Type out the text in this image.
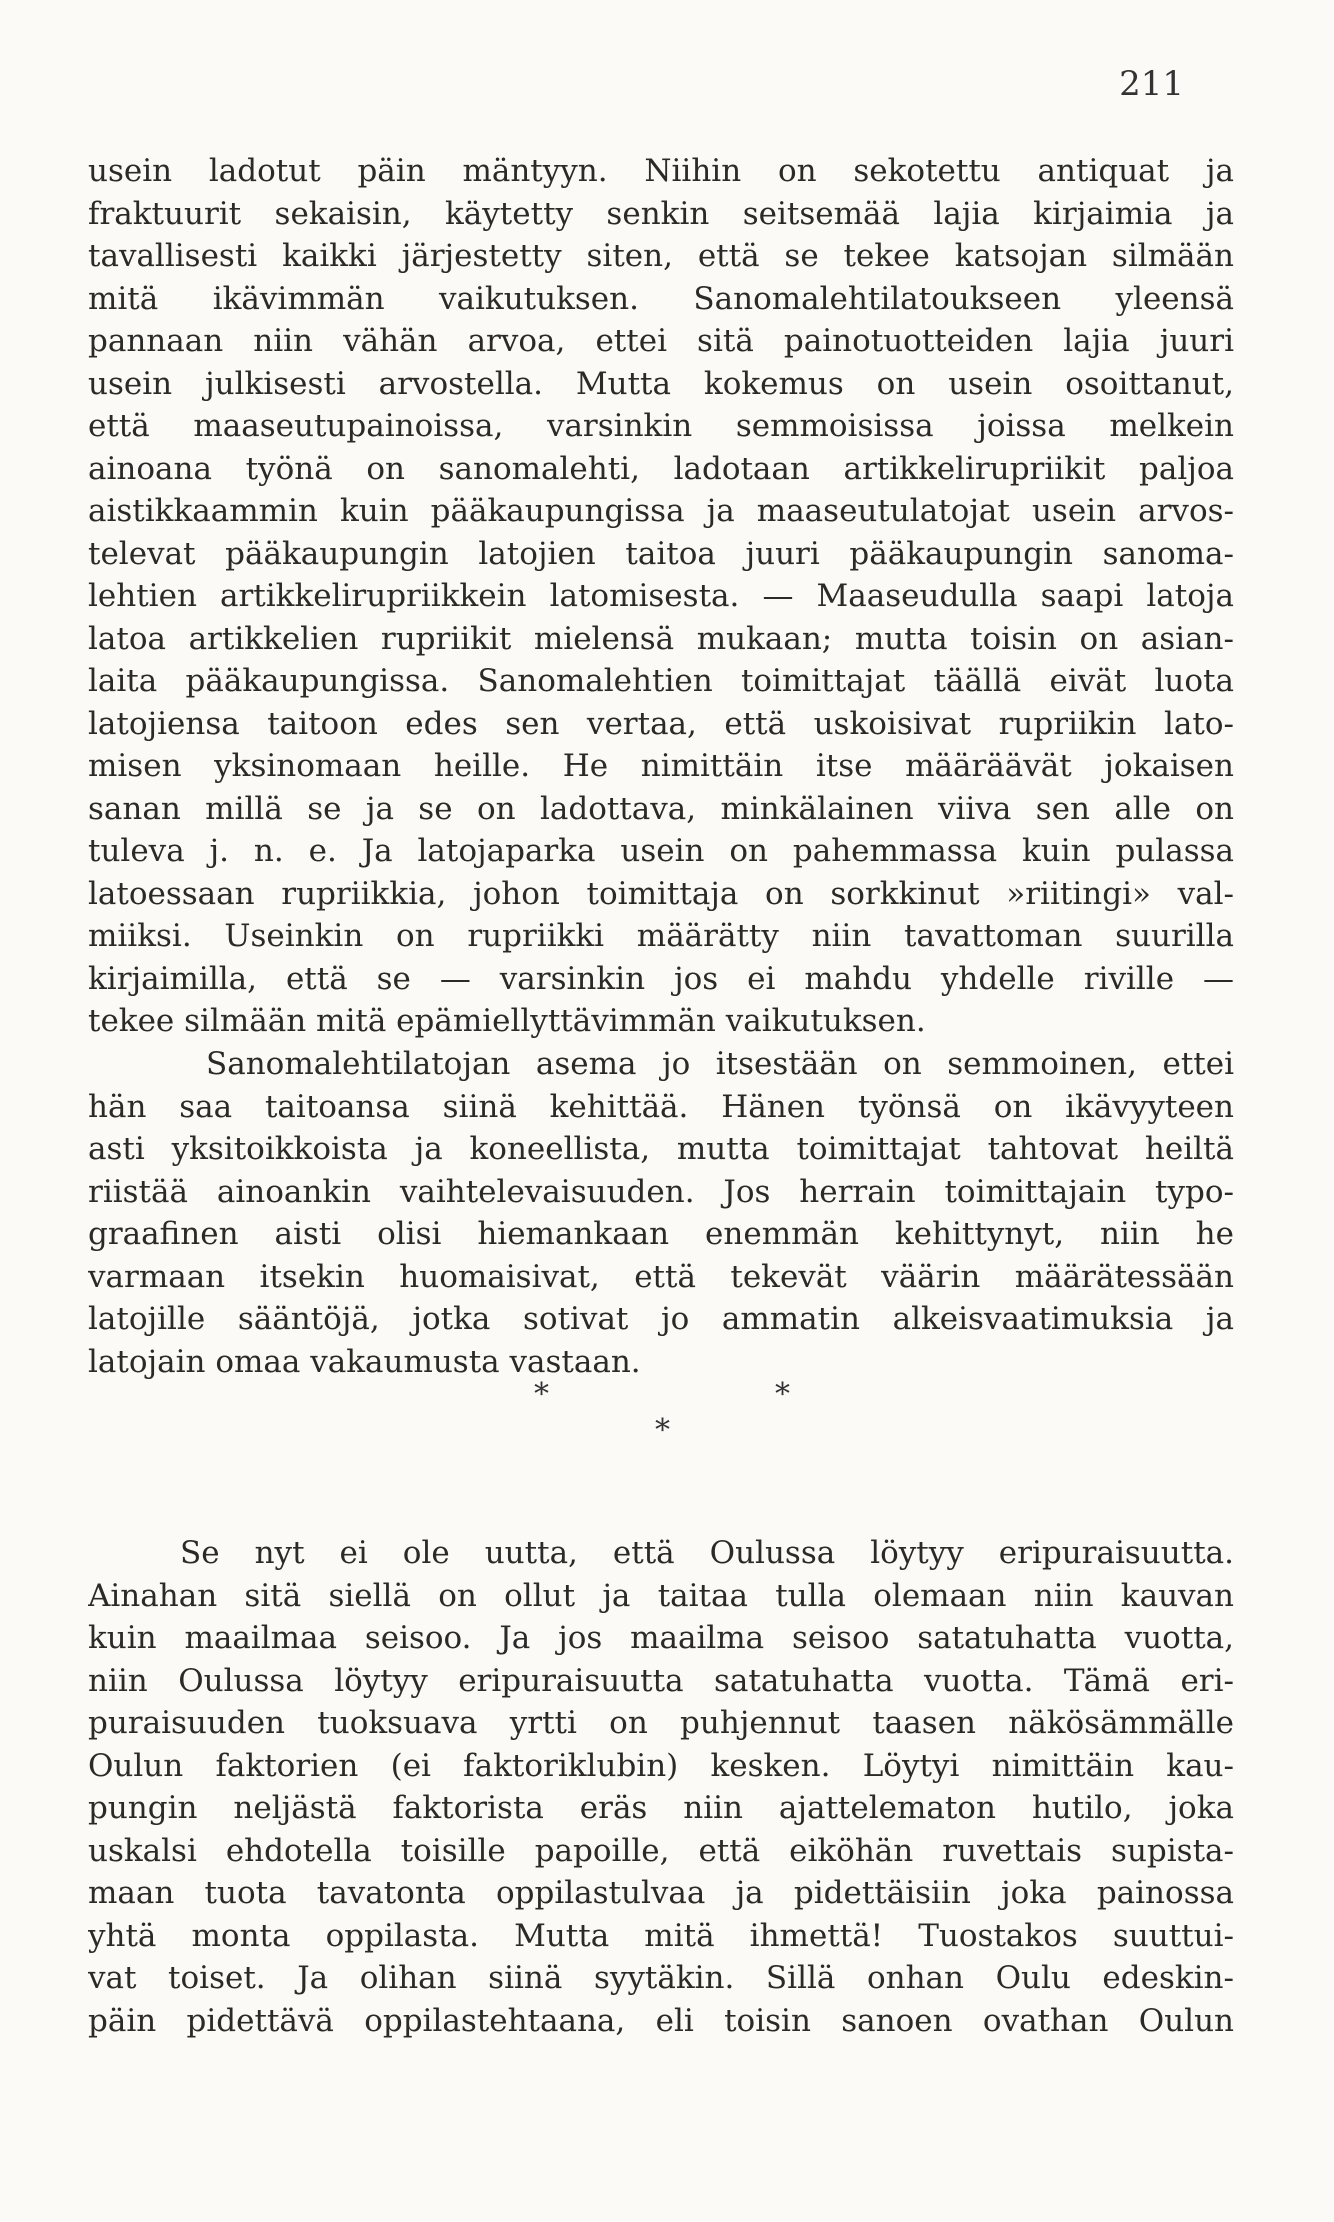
211
usein ladotut päin mäntyyn. Niihin on sekotettu antiquat ja
fraktuurit sekaisin, käytetty senkin seitsemää lajia kirjaimia ja
tavallisesti kaikki järjestetty siten, että se tekee katsojan silmään
mitä ikävimmän vaikutuksen. Sanomalehtilatoukseen yleensä
pannaan niin vähän arvoa, ettei sitä painotuotteiden lajia juuri
usein julkisesti arvostella. Mutta kokemus on usein osoittanut,
että maaseutupainoissa, varsinkin semmoisissa joissa melkein
ainoana työnä on sanomalehti, ladotaan artikkelirupriikit paljoa
aistikkaammin kuin pääkaupungissa ja maaseutulatojat usein arvos-
televat pääkaupungin latojien taitoa juuri pääkaupungin sanoma-
lehtien artikkelirupriikkein latomisesta. — Maaseudulla saapi latoja
latoa artikkelien rupriikit mielensä mukaan; mutta toisin on asian-
laita pääkaupungissa. Sanomalehtien toimittajat täällä eivät luota
latojiensa taitoon edes sen vertaa, että uskoisivat rupriikin lato-
misen yksinomaan heille. He nimittäin itse määräävät jokaisen
sanan millä se ja se on ladottava, minkälainen viiva sen alle on
tuleva j. n. e. Ja latojaparka usein on pahemmassa kuin pulassa
latoessaan rupriikkia, johon toimittaja on sorkkinut »riitingi» val-
miiksi. Useinkin on rupriikki määrätty niin tavattoman suurilla
kirjaimilla, että se — varsinkin jos ei mahdu yhdelle riville —
tekee silmään mitä epämiellyttävimmän vaikutuksen.
Sanomalehtilatojan asema jo itsestään on semmoinen, ettei
hän saa taitoansa siinä kehittää. Hänen työnsä on ikävyyteen
asti yksitoikkoista ja koneellista, mutta toimittajat tahtovat heiltä
riistää ainoankin vaihtelevaisuuden. Jos herrain toimittajain typo-
graafinen aisti olisi hiemankaan enemmän kehittynyt, niin he
varmaan itsekin huomaisivat, että tekevät väärin määrätessään
latojille sääntöjä, jotka sotivat jo ammatin alkeisvaatimuksia ja
latojain omaa vakaumusta vastaan.
*	*
*
Se nyt ei ole uutta, että Oulussa löytyy eripuraisuutta.
Ainahan sitä siellä on ollut ja taitaa tulla olemaan niin kauvan
kuin maailmaa seisoo. Ja jos maailma seisoo satatuhatta vuotta,
niin Oulussa löytyy eripuraisuutta satatuhatta vuotta. Tämä eri-
puraisuuden tuoksuava yrtti on puhjennut taasen näkösämmälle
Oulun faktorien (ei faktoriklubin) kesken. Löytyi nimittäin kau-
pungin neljästä faktorista eräs niin ajattelematon hutilo, joka
uskalsi ehdotella toisille papoille, että eiköhän ruvettais supista-
maan tuota tavatonta oppilastulvaa ja pidettäisiin joka painossa
yhtä monta oppilasta. Mutta mitä ihmettä! Tuostakos suuttui-
vat toiset. Ja olihan siinä syytäkin. Sillä onhan Oulu edeskin-
päin pidettävä oppilastehtaana, eli toisin sanoen ovathan Oulun
